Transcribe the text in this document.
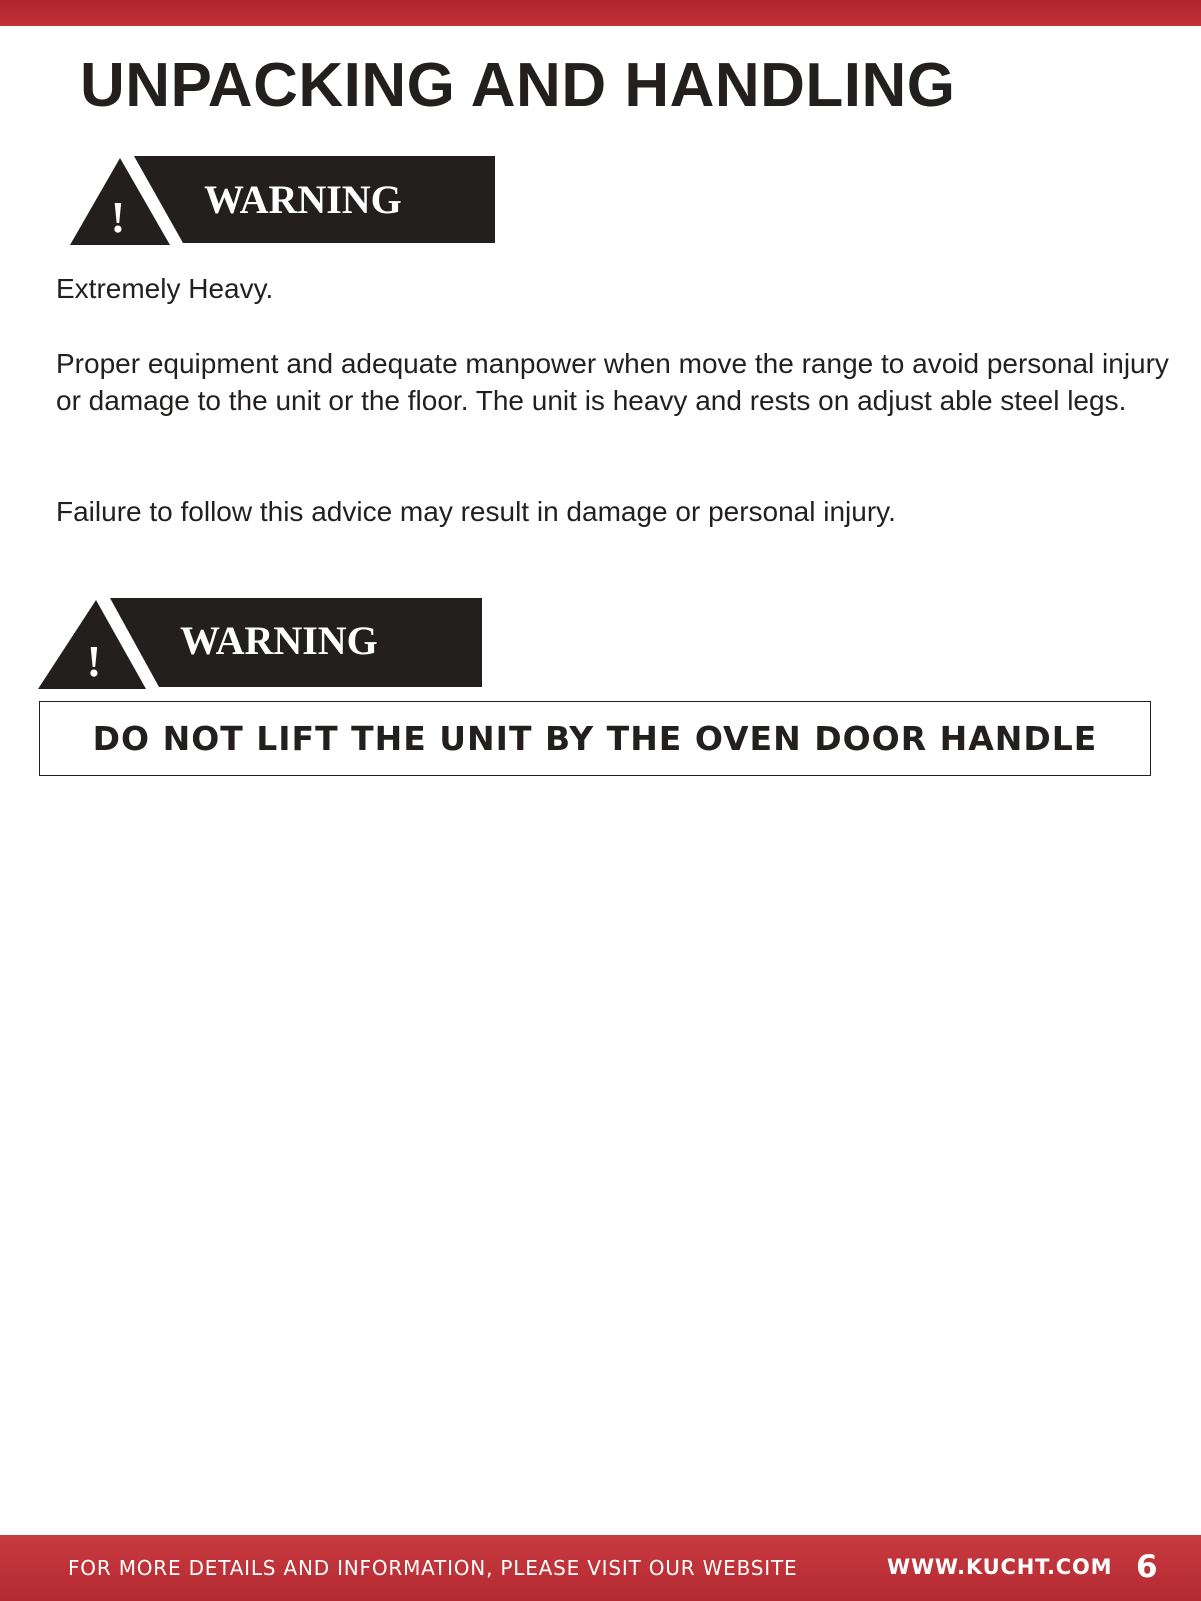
UNPACKING AND HANDLING
! WARNING

Extremely Heavy.

Proper equipment and adequate manpower when move the range to avoid personal injury or damage to the unit or the floor. The unit is heavy and rests on adjust able steel legs.

Failure to follow this advice may result in damage or personal injury.

! WARNING
DO NOT LIFT THE UNIT BY THE OVEN DOOR HANDLE
FOR MORE DETAILS AND INFORMATION, PLEASE VISIT OUR WEBSITE	WWW.KUCHT.COM 6
